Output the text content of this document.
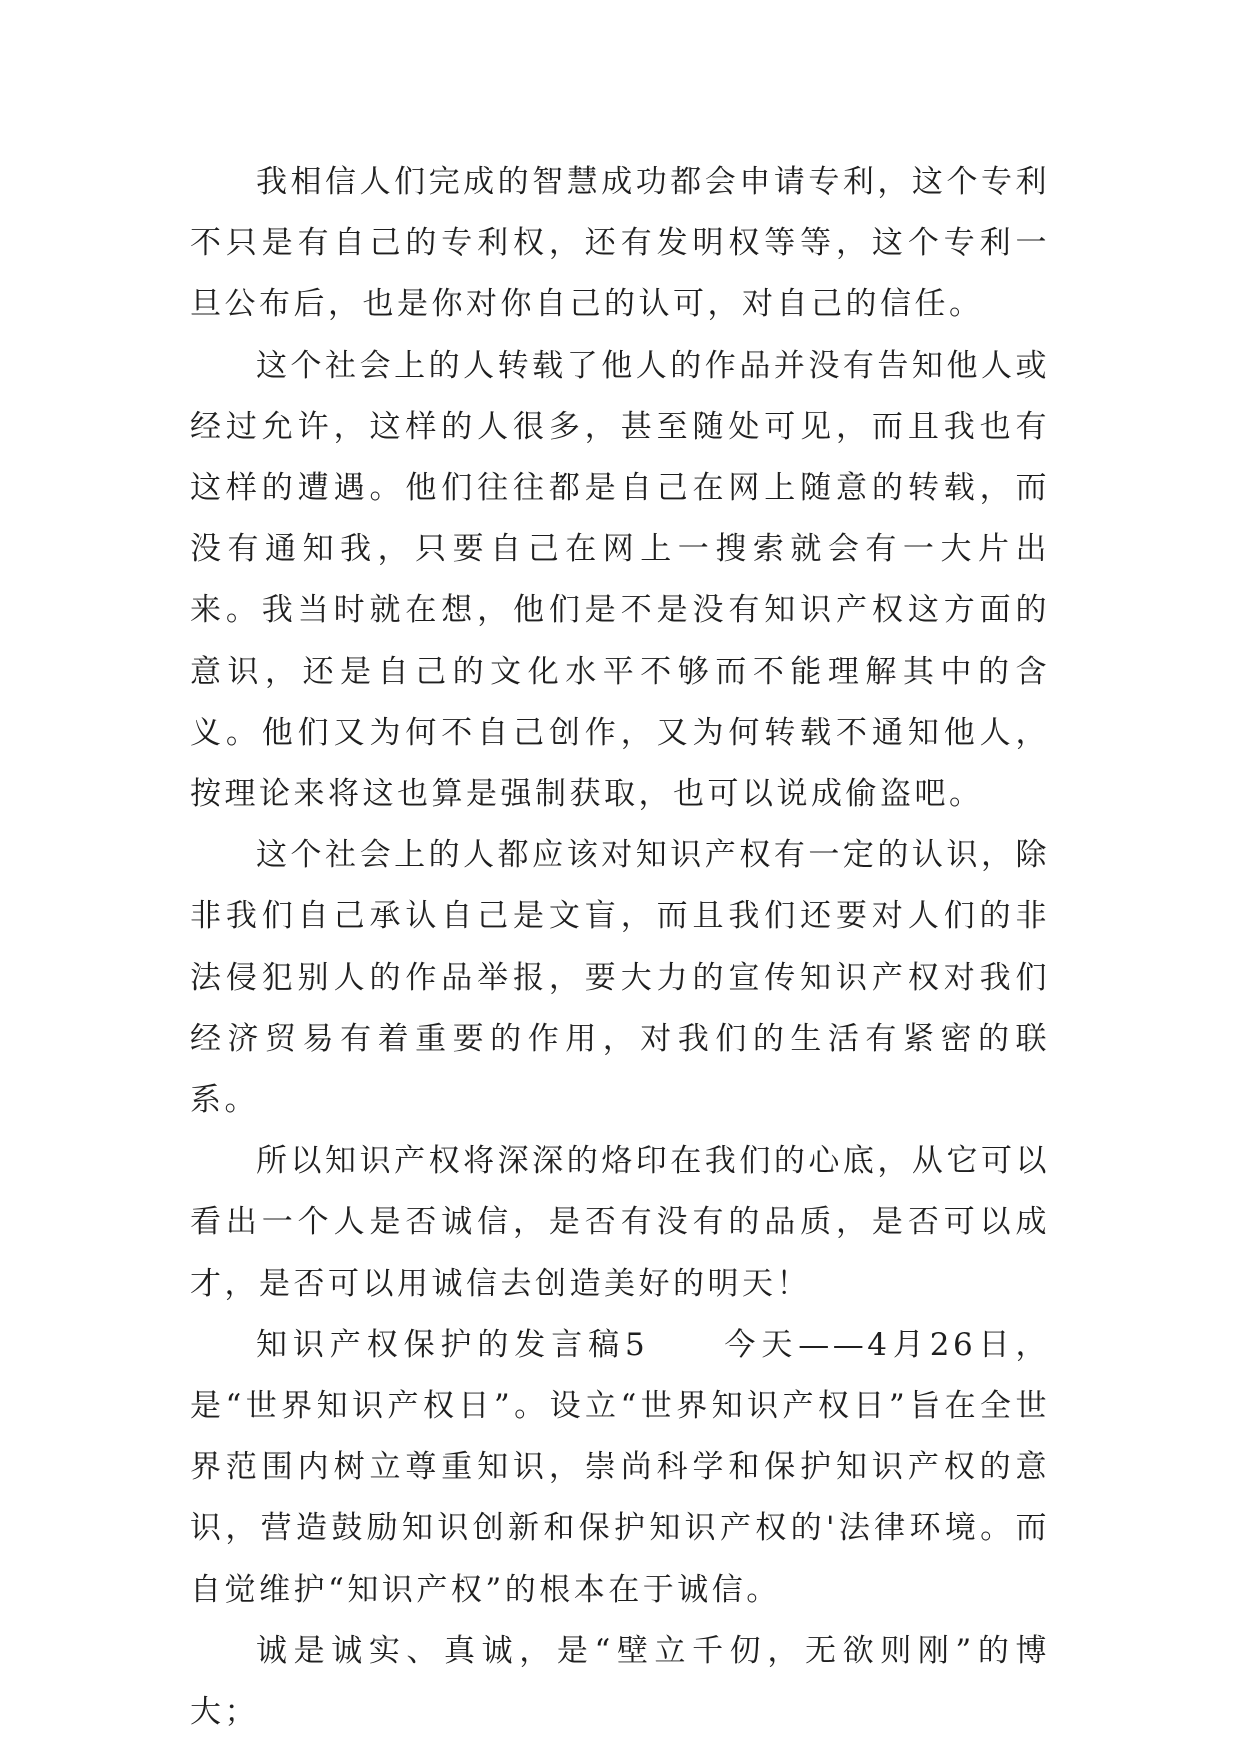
我相信人们完成的智慧成功都会申请专利，这个专利不只是有自己的专利权，还有发明权等等，这个专利一旦公布后，也是你对你自己的认可，对自己的信任。

这个社会上的人转载了他人的作品并没有告知他人或经过允许，这样的人很多，甚至随处可见，而且我也有这样的遭遇。他们往往都是自己在网上随意的转载，而没有通知我，只要自己在网上一搜索就会有一大片出来。我当时就在想，他们是不是没有知识产权这方面的意识，还是自己的文化水平不够而不能理解其中的含义。他们又为何不自己创作，又为何转载不通知他人，按理论来将这也算是强制获取，也可以说成偷盗吧。

这个社会上的人都应该对知识产权有一定的认识，除非我们自己承认自己是文盲，而且我们还要对人们的非法侵犯别人的作品举报，要大力的宣传知识产权对我们经济贸易有着重要的作用，对我们的生活有紧密的联系。

所以知识产权将深深的烙印在我们的心底，从它可以看出一个人是否诚信，是否有没有的品质，是否可以成才，是否可以用诚信去创造美好的明天！

知识产权保护的发言稿5　　今天——4月26日，是“世界知识产权日”。设立“世界知识产权日”旨在全世界范围内树立尊重知识，崇尚科学和保护知识产权的意识，营造鼓励知识创新和保护知识产权的'法律环境。而自觉维护“知识产权”的根本在于诚信。

诚是诚实、真诚，是“壁立千仞，无欲则刚”的博大；
